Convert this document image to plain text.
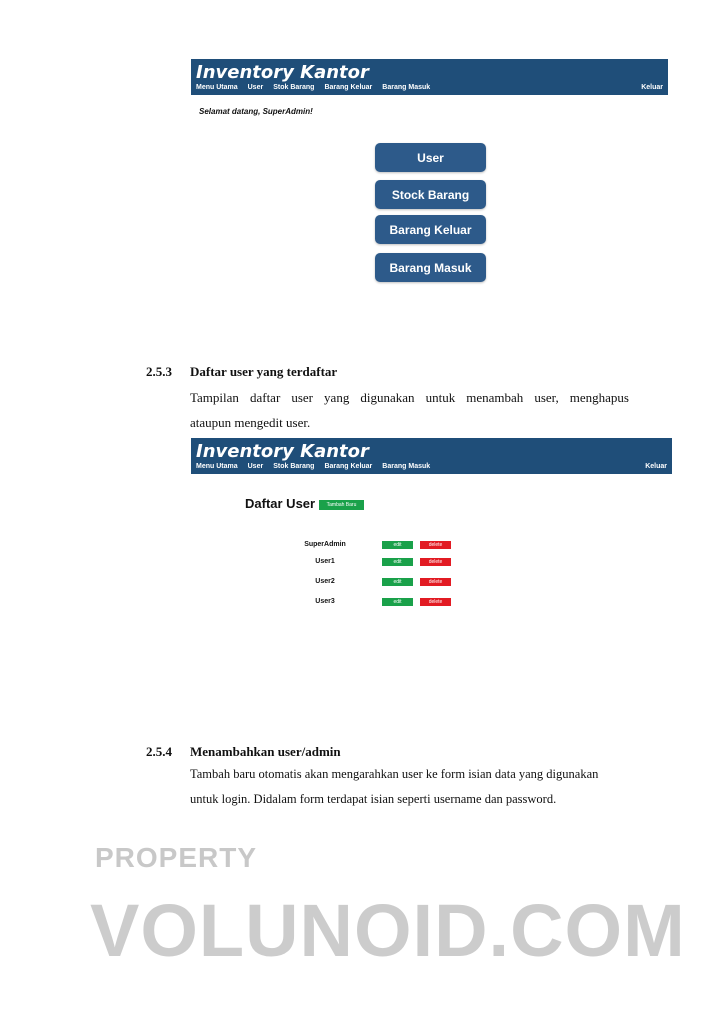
Inventory Kantor
Menu Utama User Stok Barang Barang Keluar Barang Masuk	Keluar
Selamat datang, SuperAdmin!
User
Stock Barang
Barang Keluar
Barang Masuk
2.5.3 Daftar user yang terdaftar
Tampilan daftar user yang digunakan untuk menambah user, menghapus
ataupun mengedit user.
Inventory Kantor
Menu Utama User Stok Barang Barang Keluar Barang Masuk	Keluar
Daftar User	Tambah Baru
SuperAdmin	edit	delete
User1	edit	delete
User2	edit	delete
User3	edit	delete
2.5.4 Menambahkan user/admin
Tambah baru otomatis akan mengarahkan user ke form isian data yang digunakan
untuk login. Didalam form terdapat isian seperti username dan password.
PROPERTY
VOLUNOID.COM
